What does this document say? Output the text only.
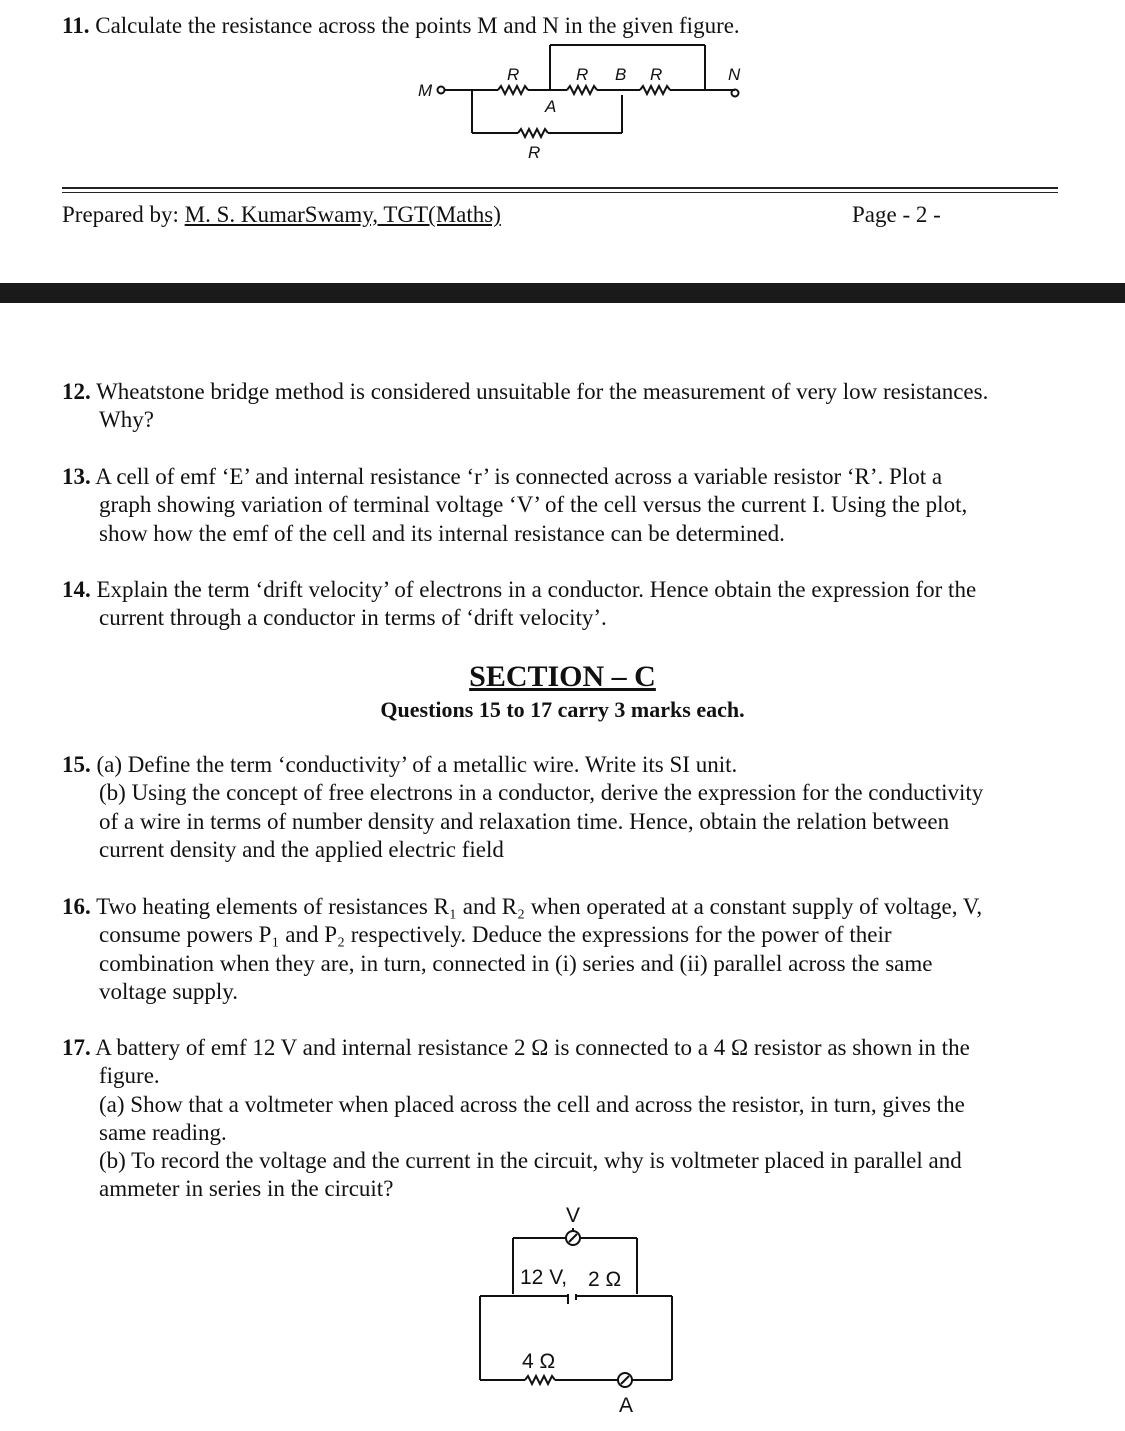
11. Calculate the resistance across the points M and N in the given figure.
M
N
R	R B R
A
R
Prepared by: M. S. KumarSwamy, TGT(Maths)	Page - 2 -
12. Wheatstone bridge method is considered unsuitable for the measurement of very low resistances.
Why?
13. A cell of emf ‘E’ and internal resistance ‘r’ is connected across a variable resistor ‘R’. Plot a
graph showing variation of terminal voltage ‘V’ of the cell versus the current I. Using the plot,
show how the emf of the cell and its internal resistance can be determined.
14. Explain the term ‘drift velocity’ of electrons in a conductor. Hence obtain the expression for the
current through a conductor in terms of ‘drift velocity’.
SECTION – C
Questions 15 to 17 carry 3 marks each.
15. (a) Define the term ‘conductivity’ of a metallic wire. Write its SI unit.
(b) Using the concept of free electrons in a conductor, derive the expression for the conductivity
of a wire in terms of number density and relaxation time. Hence, obtain the relation between
current density and the applied electric field
16. Two heating elements of resistances R₁ and R₂ when operated at a constant supply of voltage, V,
consume powers P₁ and P₂ respectively. Deduce the expressions for the power of their
combination when they are, in turn, connected in (i) series and (ii) parallel across the same
voltage supply.
17. A battery of emf 12 V and internal resistance 2 Ω is connected to a 4 Ω resistor as shown in the
figure.
(a) Show that a voltmeter when placed across the cell and across the resistor, in turn, gives the
same reading.
(b) To record the voltage and the current in the circuit, why is voltmeter placed in parallel and
ammeter in series in the circuit?
V
12 V, 2 Ω
4 Ω
A
